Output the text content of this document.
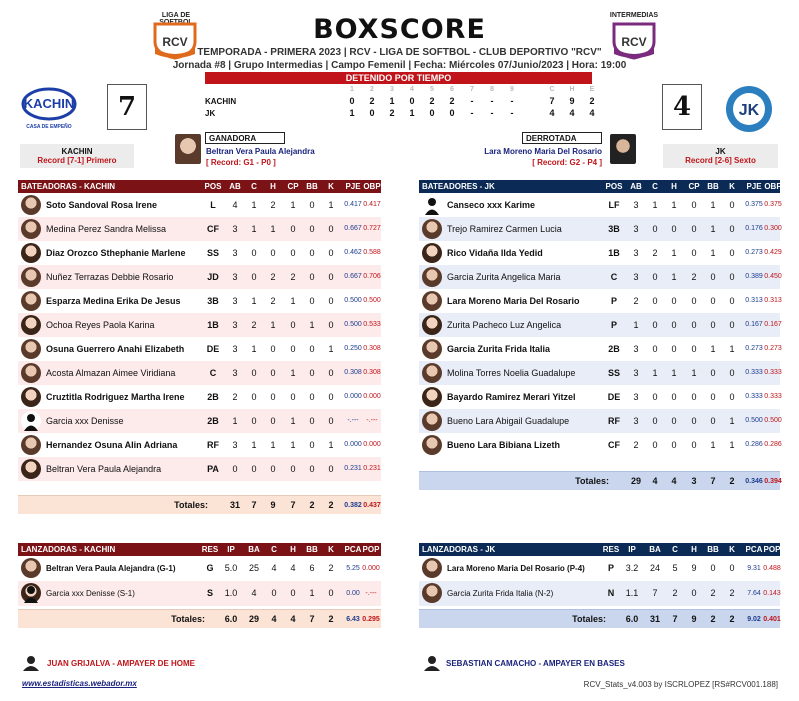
BOXSCORE
TEMPORADA - PRIMERA 2023 | RCV - LIGA DE SOFTBOL - CLUB DEPORTIVO "RCV"
Jornada #8 | Grupo Intermedias | Campo Femenil | Fecha: Miércoles 07/Junio/2023 | Hora: 19:00
DETENIDO POR TIEMPO
LIGA DE
RCV
INTERMEDIAS
RCV
KACHIN
CASA DE EMPEÑO
7	4	JK
1	2	3	4	5	6	7	8	9	C	H	E
KACHIN	0 2 1 0 2 2	-	-	-	7 9 2
JK	1 0 2 1 0 0	-	-	-	4 4 4
KACHIN
Record [7-1] Primero
JK
Record [2-6] Sexto
GANADORA
Beltran Vera Paula Alejandra
[ Record: G1 - P0 ]
DERROTADA
Lara Moreno Maria Del Rosario
[ Record: G2 - P4 ]
BATEADORAS - KACHIN	POS AB	C	H	CP BB	K	PJE OBP
Soto Sandoval Rosa Irene	L	4	1	2	1	0	1	0.417 0.417
Medina Perez Sandra Melissa	CF	3	1	1	0	0	0	0.667 0.727
Diaz Orozco Sthephanie Marlene	SS	3	0	0	0	0	0	0.462 0.588
Nuñez Terrazas Debbie Rosario	JD	3	0	2	2	0	0	0.667 0.706
Esparza Medina Erika De Jesus	3B	3	1	2	1	0	0	0.500 0.500
Ochoa Reyes Paola Karina	1B	3	2	1	0	1	0	0.500 0.533
Osuna Guerrero Anahi Elizabeth	DE	3	1	0	0	0	1	0.250 0.308
Acosta Almazan Aimee Viridiana	C	3	0	0	1	0	0	0.308 0.308
Cruztitla Rodriguez Martha Irene	2B	2	0	0	0	0	0	0.000 0.000
Garcia xxx Denisse	2B	1	0	0	1	0	0	-.---	-.---
Hernandez Osuna Alin Adriana	RF	3	1	1	1	0	1	0.000 0.000
Beltran Vera Paula Alejandra	PA	0	0	0	0	0	0	0.231 0.231
Totales:	31	7	9	7	2	2	0.382 0.437
BATEADORES - JK	POS AB	C	H	CP BB	K	PJE OBP
Canseco xxx Karime	LF	3	1	1	0	1	0	0.375 0.375
Trejo Ramirez Carmen Lucia	3B	3	0	0	0	1	0	0.176 0.300
Rico Vidaña Ilda Yedid	1B	3	2	1	0	1	0	0.273 0.429
Garcia Zurita Angelica Maria	C	3	0	1	2	0	0	0.389 0.450
Lara Moreno Maria Del Rosario	P	2	0	0	0	0	0	0.313 0.313
Zurita Pacheco Luz Angelica	P	1	0	0	0	0	0	0.167 0.167
Garcia Zurita Frida Italia	2B	3	0	0	0	1	1	0.273 0.273
Molina Torres Noelia Guadalupe	SS	3	1	1	1	0	0	0.333 0.333
Bayardo Ramirez Merari Yitzel	DE	3	0	0	0	0	0	0.333 0.333
Bueno Lara Abigail Guadalupe	RF	3	0	0	0	0	1	0.500 0.500
Bueno Lara Bibiana Lizeth	CF	2	0	0	0	1	1	0.286 0.286
Totales:	29	4	4	3	7	2	0.346 0.394
LANZADORAS - KACHIN	RES	IP	BA	C	H	BB	K	PCA POP
Beltran Vera Paula Alejandra (G-1)	G	5.0	25	4	4	6	2	5.25 0.000
Garcia xxx Denisse (S-1)	S	1.0	4	0	0	1	0	0.00 -.---
Totales:	6.0	29	4	4	7	2	6.43 0.295
LANZADORAS - JK	RES	IP	BA	C	H	BB	K	PCA POP
Lara Moreno Maria Del Rosario (P-4)	P	3.2	24	5	9	0	0	9.31 0.488
Garcia Zurita Frida Italia (N-2)	N	1.1	7	2	0	2	2	7.64 0.143
Totales:	6.0	31	7	9	2	2	9.02 0.401
JUAN GRIJALVA - AMPAYER DE HOME	SEBASTIAN CAMACHO - AMPAYER EN BASES
www.estadisticas.webador.mx	RCV_Stats_v4.003 by ISCRLOPEZ [RS#RCV001.188]
